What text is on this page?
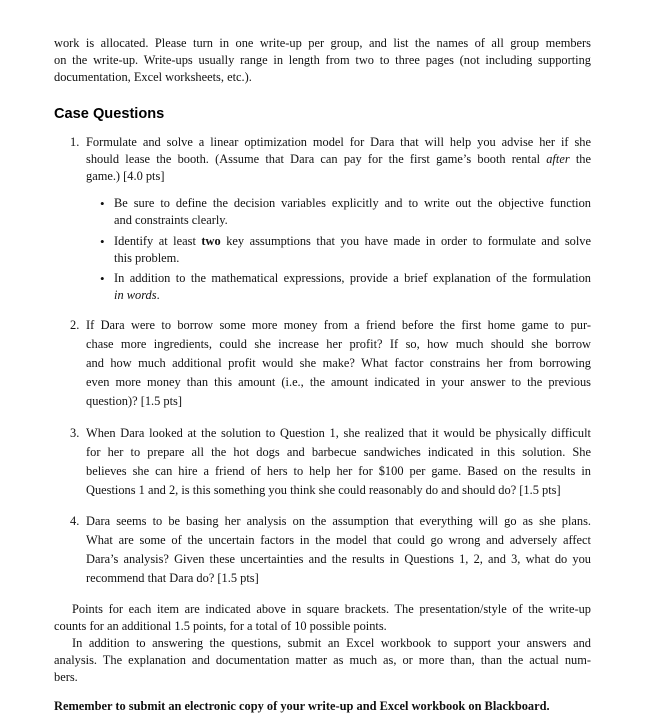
work is allocated. Please turn in one write-up per group, and list the names of all group members
on the write-up. Write-ups usually range in length from two to three pages (not including supporting
documentation, Excel worksheets, etc.).
Case Questions
1. Formulate and solve a linear optimization model for Dara that will help you advise her if she
should lease the booth. (Assume that Dara can pay for the first game’s booth rental after the
game.) [4.0 pts]
• Be sure to define the decision variables explicitly and to write out the objective function
and constraints clearly.
• Identify at least two key assumptions that you have made in order to formulate and solve
this problem.
• In addition to the mathematical expressions, provide a brief explanation of the formulation
in words.
2. If Dara were to borrow some more money from a friend before the first home game to pur-
chase more ingredients, could she increase her profit? If so, how much should she borrow
and how much additional profit would she make? What factor constrains her from borrowing
even more money than this amount (i.e., the amount indicated in your answer to the previous
question)? [1.5 pts]
3. When Dara looked at the solution to Question 1, she realized that it would be physically difficult
for her to prepare all the hot dogs and barbecue sandwiches indicated in this solution. She
believes she can hire a friend of hers to help her for $100 per game. Based on the results in
Questions 1 and 2, is this something you think she could reasonably do and should do? [1.5 pts]
4. Dara seems to be basing her analysis on the assumption that everything will go as she plans.
What are some of the uncertain factors in the model that could go wrong and adversely affect
Dara’s analysis? Given these uncertainties and the results in Questions 1, 2, and 3, what do you
recommend that Dara do? [1.5 pts]
Points for each item are indicated above in square brackets. The presentation/style of the write-up
counts for an additional 1.5 points, for a total of 10 possible points.
In addition to answering the questions, submit an Excel workbook to support your answers and
analysis. The explanation and documentation matter as much as, or more than, than the actual num-
bers.

Remember to submit an electronic copy of your write-up and Excel workbook on Blackboard.
